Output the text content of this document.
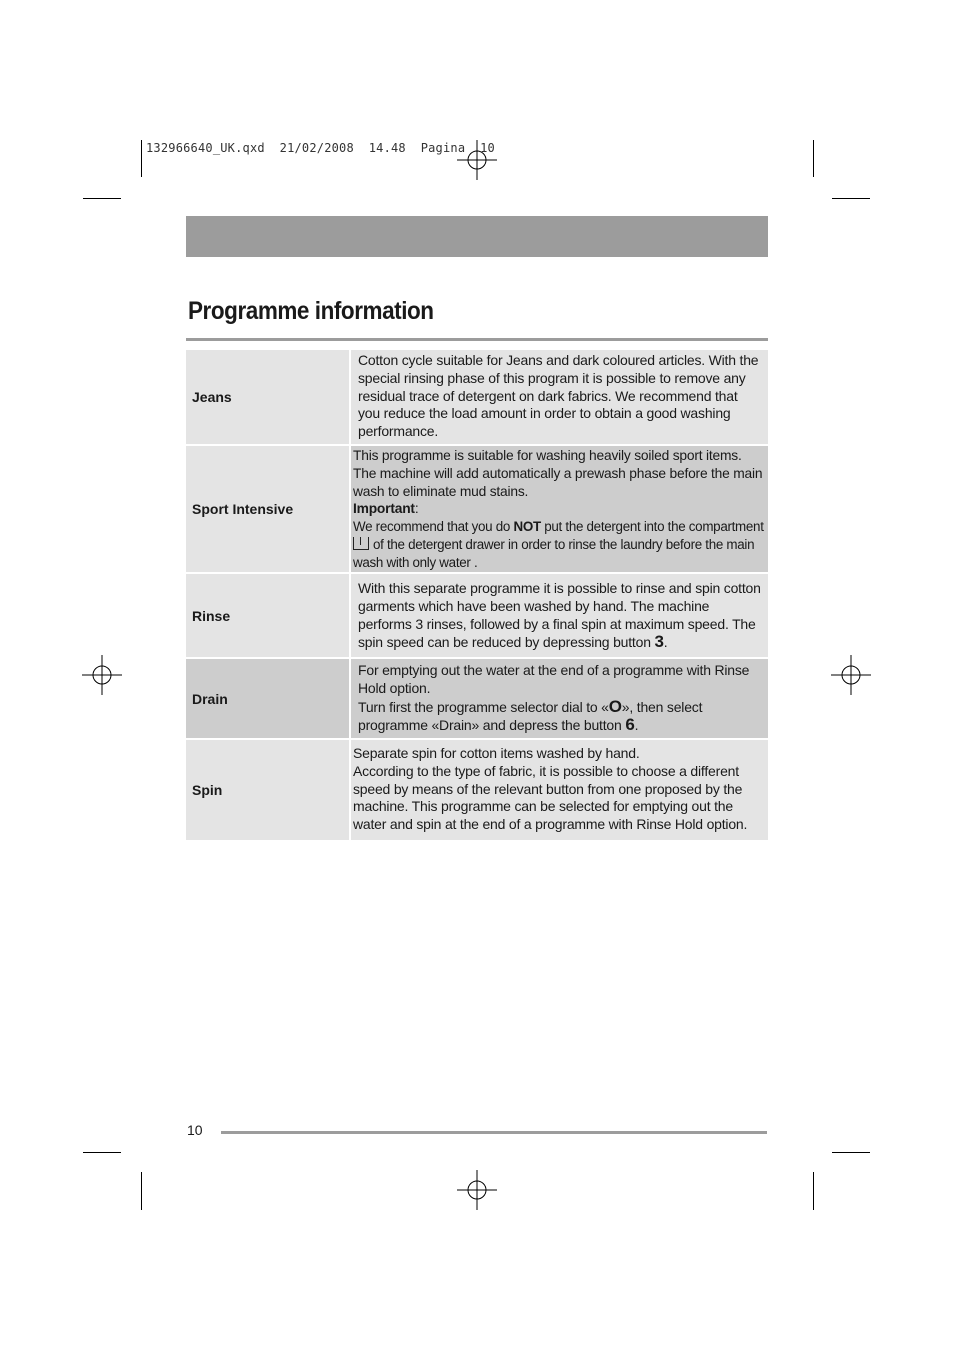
132966640_UK.qxd  21/02/2008  14.48  Pagina  10
Programme information
Jeans

Cotton cycle suitable for Jeans and dark coloured articles. With the special rinsing phase of this program it is possible to remove any residual trace of detergent on dark fabrics. We recommend that you reduce the load amount in order to obtain a good washing performance.

Sport Intensive

This programme is suitable for washing heavily soiled sport items. The machine will add automatically a prewash phase before the main wash to eliminate mud stains.

Important:

We recommend that you do NOT put the detergent into the compartment of the detergent drawer in order to rinse the laundry before the main wash with only water .

Rinse

With this separate programme it is possible to rinse and spin cotton garments which have been washed by hand. The machine performs 3 rinses, followed by a final spin at maximum speed. The spin speed can be reduced by depressing button 3.

Drain

For emptying out the water at the end of a programme with Rinse Hold option.

Turn first the programme selector dial to «O», then select programme «Drain» and depress the button 6.

Spin

Separate spin for cotton items washed by hand.

According to the type of fabric, it is possible to choose a different speed by means of the relevant button from one proposed by the machine. This programme can be selected for emptying out the water and spin at the end of a programme with Rinse Hold option.

10
